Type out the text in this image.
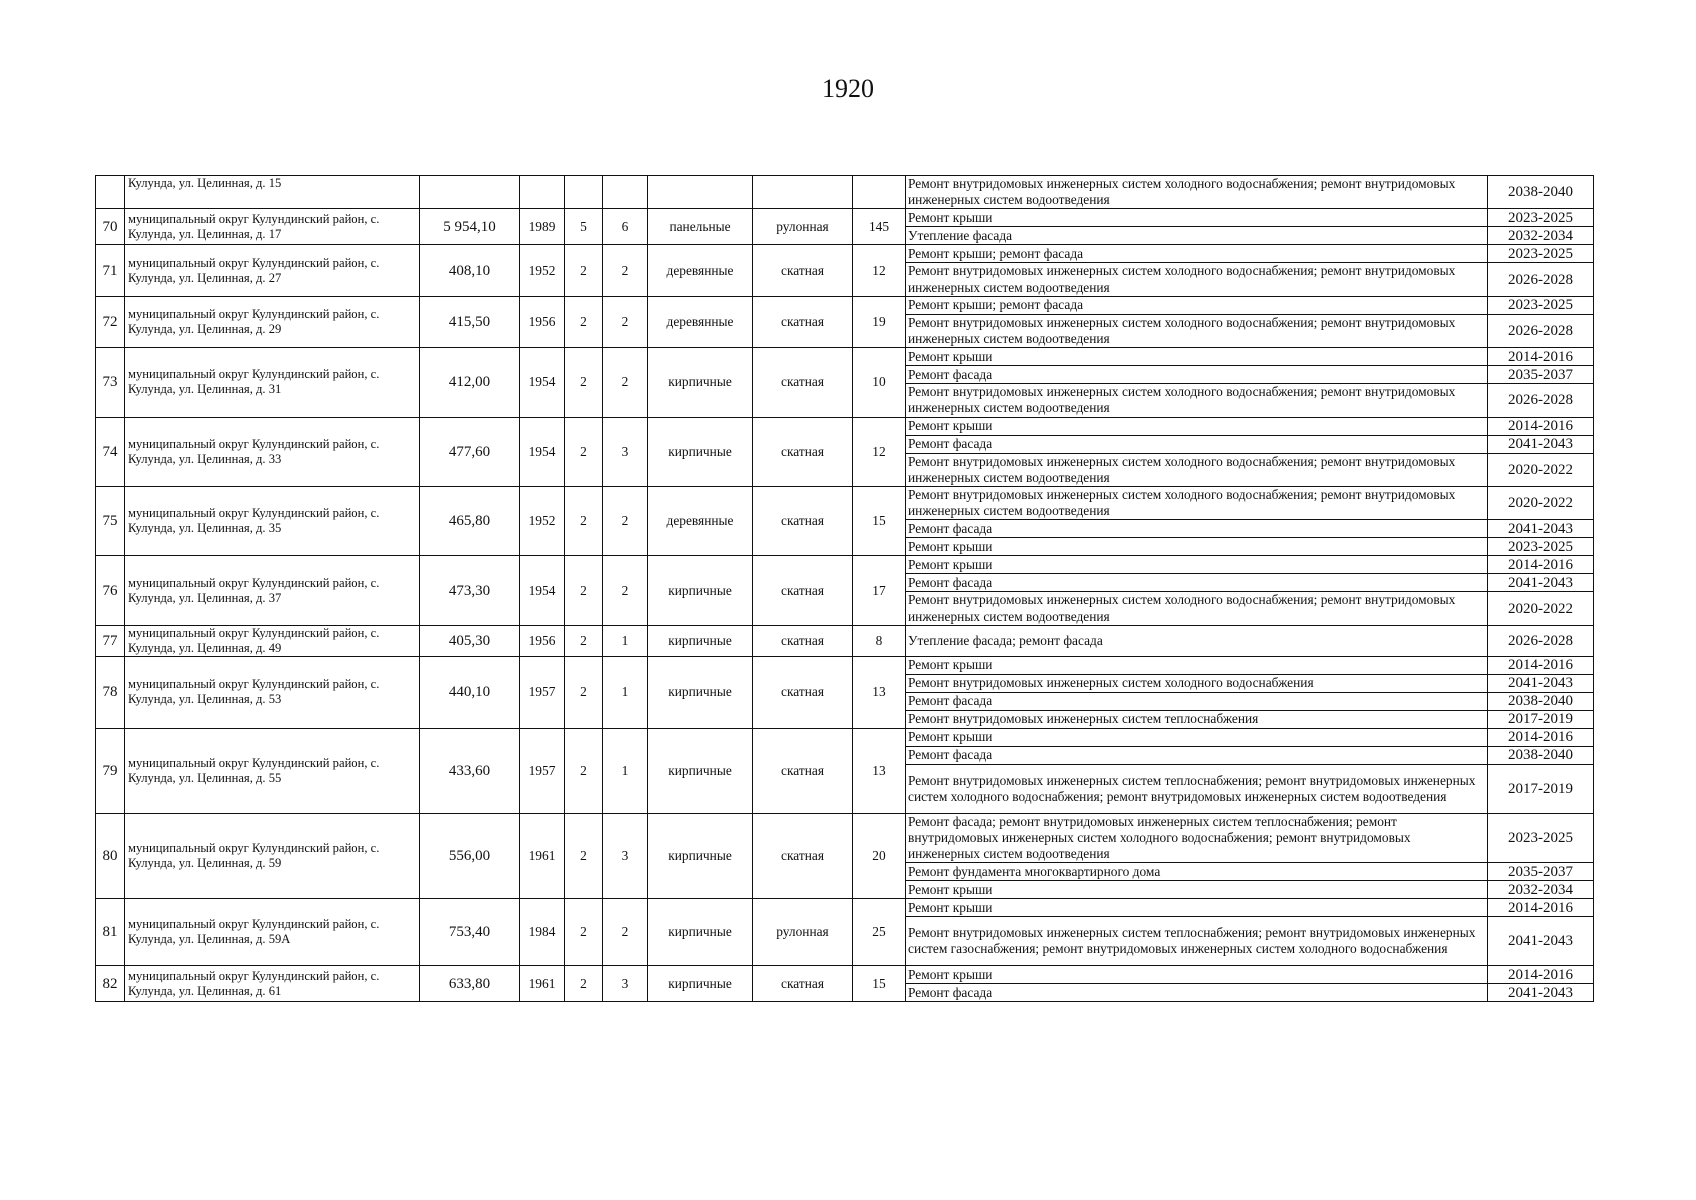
1920
	Кулунда, ул. Целинная, д. 15								Ремонт внутридомовых инженерных систем холодного водоснабжения; ремонт внутридомовых инженерных систем водоотведения	2038-2040
70	муниципальный округ Кулундинский район, с. Кулунда, ул. Целинная, д. 17	5 954,10	1989	5	6	панельные	рулонная	145	Ремонт крыши	2023-2025
									Утепление фасада	2032-2034
71	муниципальный округ Кулундинский район, с. Кулунда, ул. Целинная, д. 27	408,10	1952	2	2	деревянные	скатная	12	Ремонт крыши; ремонт фасада	2023-2025
									Ремонт внутридомовых инженерных систем холодного водоснабжения; ремонт внутридомовых инженерных систем водоотведения	2026-2028
72	муниципальный округ Кулундинский район, с. Кулунда, ул. Целинная, д. 29	415,50	1956	2	2	деревянные	скатная	19	Ремонт крыши; ремонт фасада	2023-2025
									Ремонт внутридомовых инженерных систем холодного водоснабжения; ремонт внутридомовых инженерных систем водоотведения	2026-2028
73	муниципальный округ Кулундинский район, с. Кулунда, ул. Целинная, д. 31	412,00	1954	2	2	кирпичные	скатная	10	Ремонт крыши	2014-2016
									Ремонт фасада	2035-2037
									Ремонт внутридомовых инженерных систем холодного водоснабжения; ремонт внутридомовых инженерных систем водоотведения	2026-2028
74	муниципальный округ Кулундинский район, с. Кулунда, ул. Целинная, д. 33	477,60	1954	2	3	кирпичные	скатная	12	Ремонт крыши	2014-2016
									Ремонт фасада	2041-2043
									Ремонт внутридомовых инженерных систем холодного водоснабжения; ремонт внутридомовых инженерных систем водоотведения	2020-2022
75	муниципальный округ Кулундинский район, с. Кулунда, ул. Целинная, д. 35	465,80	1952	2	2	деревянные	скатная	15	Ремонт внутридомовых инженерных систем холодного водоснабжения; ремонт внутридомовых инженерных систем водоотведения	2020-2022
									Ремонт фасада	2041-2043
									Ремонт крыши	2023-2025
76	муниципальный округ Кулундинский район, с. Кулунда, ул. Целинная, д. 37	473,30	1954	2	2	кирпичные	скатная	17	Ремонт крыши	2014-2016
									Ремонт фасада	2041-2043
									Ремонт внутридомовых инженерных систем холодного водоснабжения; ремонт внутридомовых инженерных систем водоотведения	2020-2022
77	муниципальный округ Кулундинский район, с. Кулунда, ул. Целинная, д. 49	405,30	1956	2	1	кирпичные	скатная	8	Утепление фасада; ремонт фасада	2026-2028
78	муниципальный округ Кулундинский район, с. Кулунда, ул. Целинная, д. 53	440,10	1957	2	1	кирпичные	скатная	13	Ремонт крыши	2014-2016
									Ремонт внутридомовых инженерных систем холодного водоснабжения	2041-2043
									Ремонт фасада	2038-2040
									Ремонт внутридомовых инженерных систем теплоснабжения	2017-2019
79	муниципальный округ Кулундинский район, с. Кулунда, ул. Целинная, д. 55	433,60	1957	2	1	кирпичные	скатная	13	Ремонт крыши	2014-2016
									Ремонт фасада	2038-2040
									Ремонт внутридомовых инженерных систем теплоснабжения; ремонт внутридомовых инженерных систем холодного водоснабжения; ремонт внутридомовых инженерных систем водоотведения	2017-2019
80	муниципальный округ Кулундинский район, с. Кулунда, ул. Целинная, д. 59	556,00	1961	2	3	кирпичные	скатная	20	Ремонт фасада; ремонт внутридомовых инженерных систем теплоснабжения; ремонт внутридомовых инженерных систем холодного водоснабжения; ремонт внутридомовых инженерных систем водоотведения	2023-2025
									Ремонт фундамента многоквартирного дома	2035-2037
									Ремонт крыши	2032-2034
81	муниципальный округ Кулундинский район, с. Кулунда, ул. Целинная, д. 59А	753,40	1984	2	2	кирпичные	рулонная	25	Ремонт крыши	2014-2016
									Ремонт внутридомовых инженерных систем теплоснабжения; ремонт внутридомовых инженерных систем газоснабжения; ремонт внутридомовых инженерных систем холодного водоснабжения	2041-2043
82	муниципальный округ Кулундинский район, с. Кулунда, ул. Целинная, д. 61	633,80	1961	2	3	кирпичные	скатная	15	Ремонт крыши	2014-2016
									Ремонт фасада	2041-2043
